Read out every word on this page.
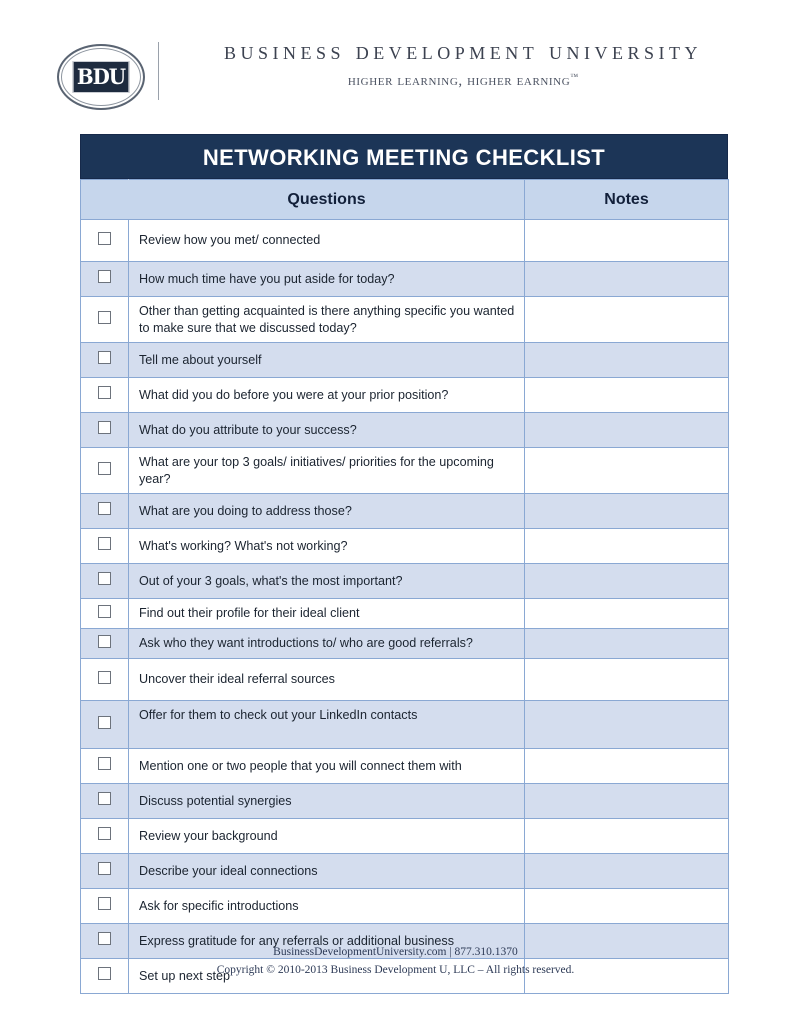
BDU
business development university
higher learning, higher earning™
NETWORKING MEETING CHECKLIST
	Questions	Notes
	Review how you met/ connected	
	How much time have you put aside for today?	
	Other than getting acquainted is there anything specific you wanted to make sure that we discussed today?	
	Tell me about yourself	
	What did you do before you were at your prior position?	
	What do you attribute to your success?	
	What are your top 3 goals/ initiatives/ priorities for the upcoming year?	
	What are you doing to address those?	
	What's working? What's not working?	
	Out of your 3 goals, what's the most important?	
	Find out their profile for their ideal client	
	Ask who they want introductions to/ who are good referrals?	
	Uncover their ideal referral sources	
	Offer for them to check out your LinkedIn contacts	
	Mention one or two people that you will connect them with	
	Discuss potential synergies	
	Review your background	
	Describe your ideal connections	
	Ask for specific introductions	
	Express gratitude for any referrals or additional business	
	Set up next step	
BusinessDevelopmentUniversity.com | 877.310.1370
Copyright © 2010-2013 Business Development U, LLC – All rights reserved.
